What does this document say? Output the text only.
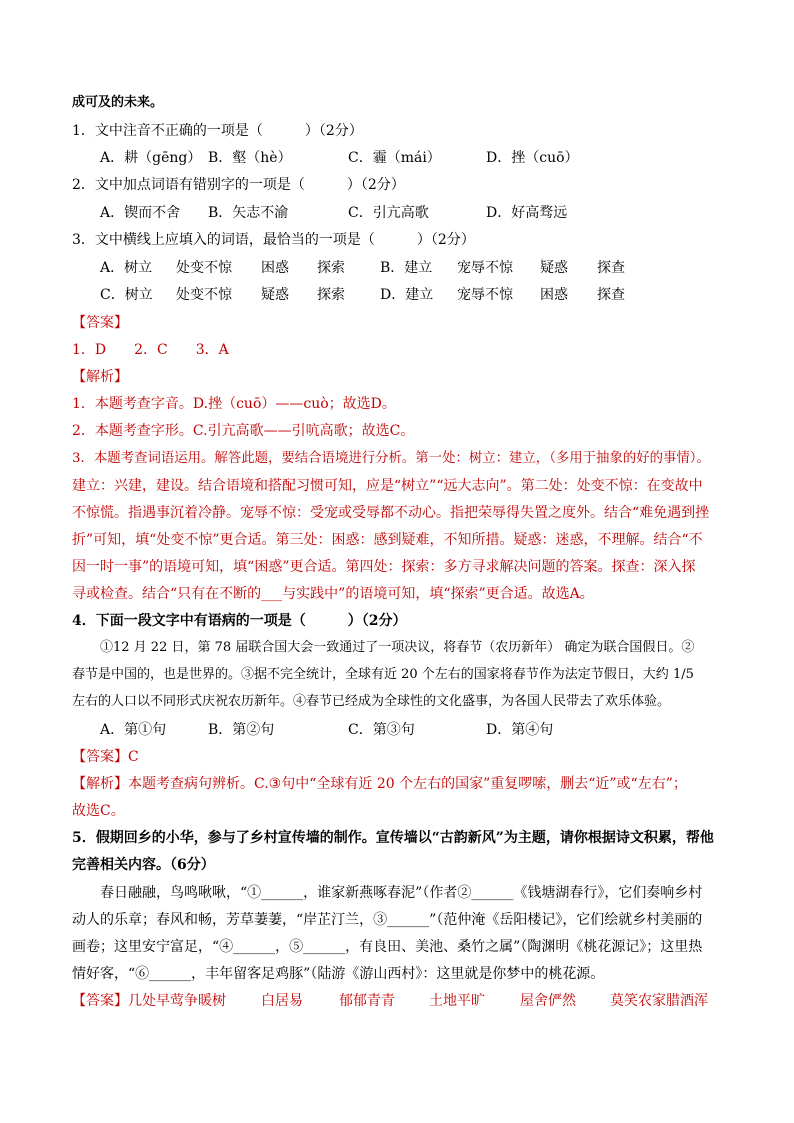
成可及的未来。
1．文中注音不正确的一项是（　　　）（2分）
A．耕（gēng） B．壑（hè）	C．霾（mái）	D．挫（cuō）
2．文中加点词语有错别字的一项是（　　　）（2分）
A．锲而不舍 B．矢志不渝	C．引亢高歌	D．好高骛远
3．文中横线上应填入的词语，最恰当的一项是（　　　）（2分）
A．树立 处变不惊 困惑 探索	B．建立 宠辱不惊 疑惑 探查
C．树立 处变不惊 疑惑 探索	D．建立 宠辱不惊 困惑 探查
【答案】
1．D　　2．C　　3．A
【解析】
1．本题考查字音。D.挫（cuō）——cuò；故选D。
2．本题考查字形。C.引亢高歌——引吭高歌；故选C。
3．本题考查词语运用。解答此题，要结合语境进行分析。第一处：树立：建立，（多用于抽象的好的事情）。
建立：兴建，建设。结合语境和搭配习惯可知，应是“树立”“远大志向”。第二处：处变不惊：在变故中
不惊慌。指遇事沉着冷静。宠辱不惊：受宠或受辱都不动心。指把荣辱得失置之度外。结合“难免遇到挫
折”可知，填“处变不惊”更合适。第三处：困惑：感到疑难，不知所措。疑惑：迷惑，不理解。结合“不
因一时一事”的语境可知，填“困惑”更合适。第四处：探索：多方寻求解决问题的答案。探查：深入探
寻或检查。结合“只有在不断的___与实践中”的语境可知，填“探索”更合适。故选A。
4．下面一段文字中有语病的一项是（　　　）（2分）
①12 月 22 日，第 78 届联合国大会一致通过了一项决议，将春节（农历新年） 确定为联合国假日。②
春节是中国的，也是世界的。③据不完全统计，全球有近 20 个左右的国家将春节作为法定节假日，大约 1/5
左右的人口以不同形式庆祝农历新年。④春节已经成为全球性的文化盛事，为各国人民带去了欢乐体验。
A．第①句	B．第②句	C．第③句	D．第④句
【答案】C
【解析】本题考查病句辨析。C.③句中“全球有近 20 个左右的国家”重复啰嗦，删去“近”或“左右”；
故选C。
5．假期回乡的小华，参与了乡村宣传墙的制作。宣传墙以“古韵新风”为主题，请你根据诗文积累，帮他
完善相关内容。（6分）
春日融融，鸟鸣啾啾，“①______，谁家新燕啄春泥”（作者②______《钱塘湖春行》，它们奏响乡村
动人的乐章；春风和畅，芳草萋萋，“岸芷汀兰，③______”（范仲淹《岳阳楼记》，它们绘就乡村美丽的
画卷；这里安宁富足，“④______，⑤______，有良田、美池、桑竹之属”（陶渊明《桃花源记》；这里热
情好客，“⑥______，丰年留客足鸡豚”（陆游《游山西村》：这里就是你梦中的桃花源。
【答案】 几处早莺争暖树	白居易	郁郁青青 土地平旷	屋舍俨然 莫笑农家腊酒浑
